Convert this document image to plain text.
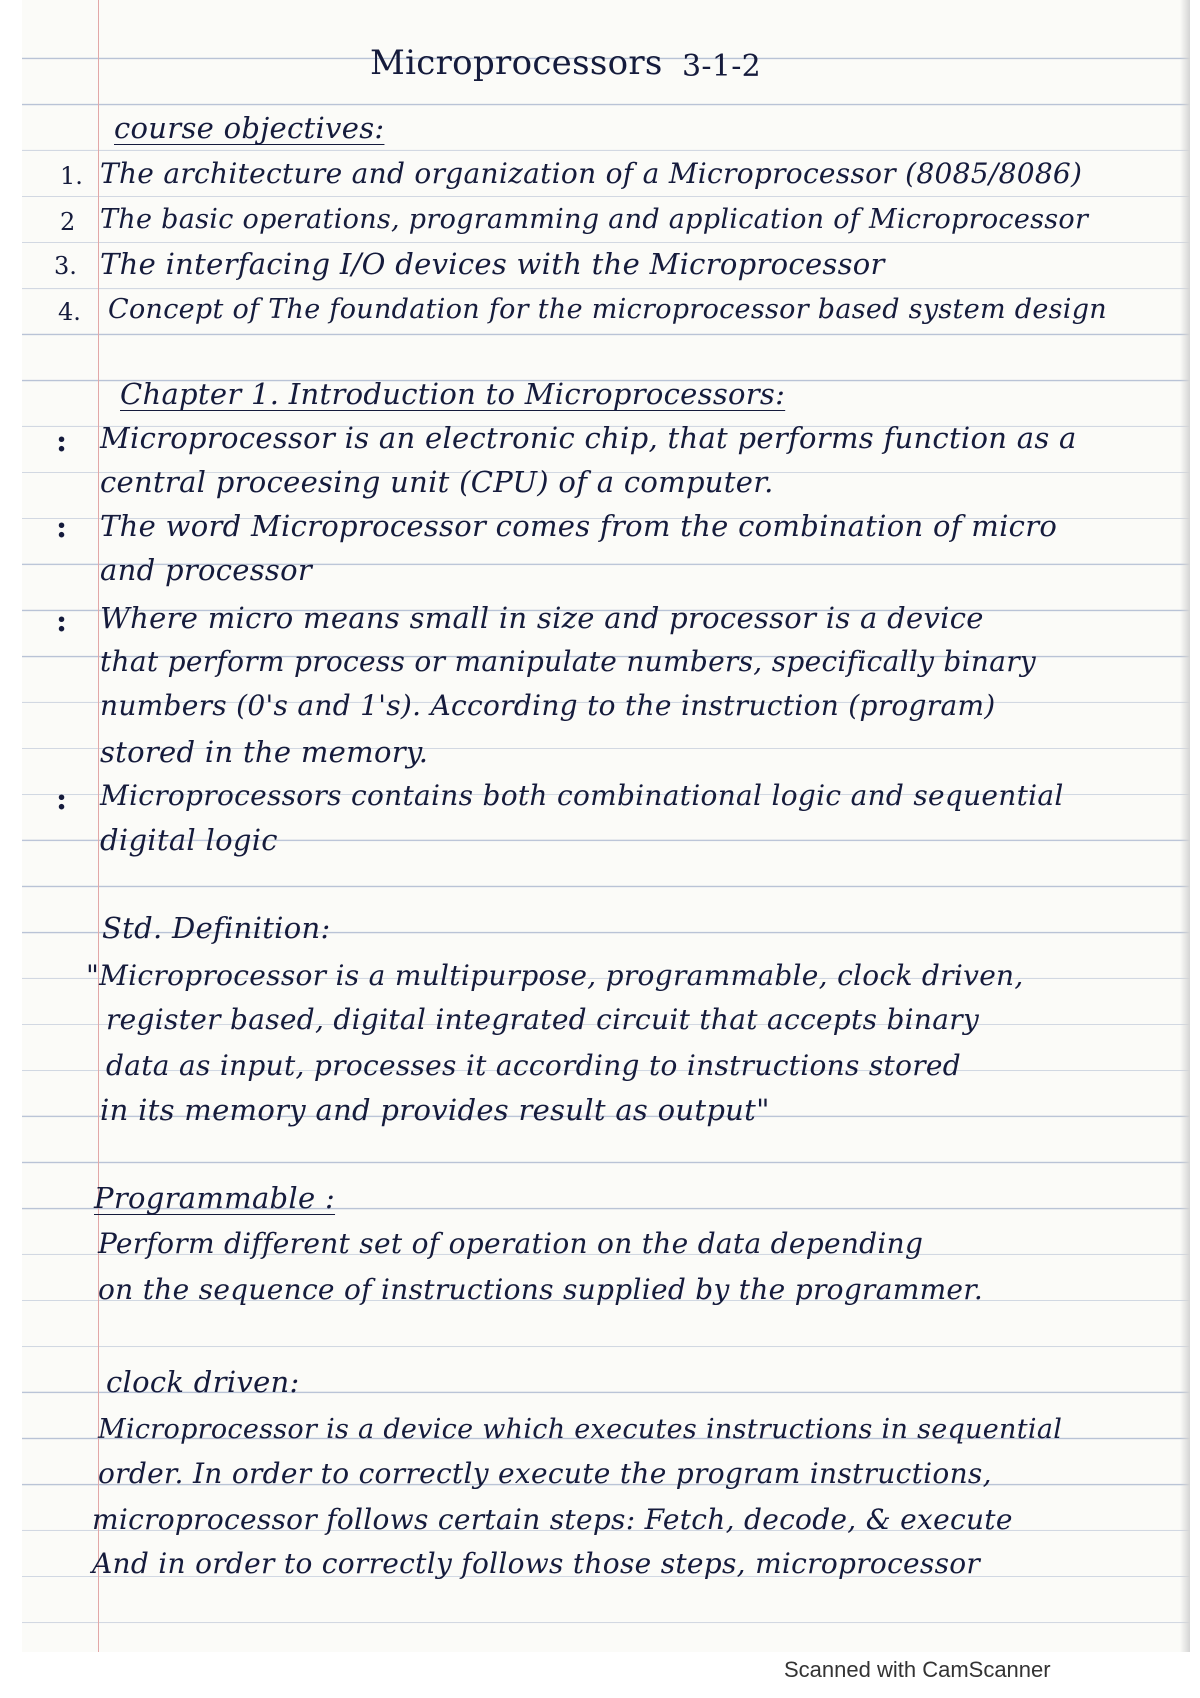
Microprocessors 3-1-2
course objectives:
1. The architecture and organization of a Microprocessor (8085/8086)
2 The basic operations, programming and application of Microprocessor
3. The interfacing I/O devices with the Microprocessor
4. Concept of The foundation for the microprocessor based system design
Chapter 1. Introduction to Microprocessors:
: Microprocessor is an electronic chip, that performs function as a
central proceesing unit (CPU) of a computer.
: The word Microprocessor comes from the combination of micro
and processor
: Where micro means small in size and processor is a device
that perform process or manipulate numbers, specifically binary
numbers (0's and 1's). According to the instruction (program)
stored in the memory.
: Microprocessors contains both combinational logic and sequential
digital logic
Std. Definition:
"Microprocessor is a multipurpose, programmable, clock driven,
register based, digital integrated circuit that accepts binary
data as input, processes it according to instructions stored
in its memory and provides result as output"
Programmable :
Perform different set of operation on the data depending
on the sequence of instructions supplied by the programmer.
clock driven:
Microprocessor is a device which executes instructions in sequential
order. In order to correctly execute the program instructions,
microprocessor follows certain steps: Fetch, decode, & execute
And in order to correctly follows those steps, microprocessor
Scanned with CamScanner
